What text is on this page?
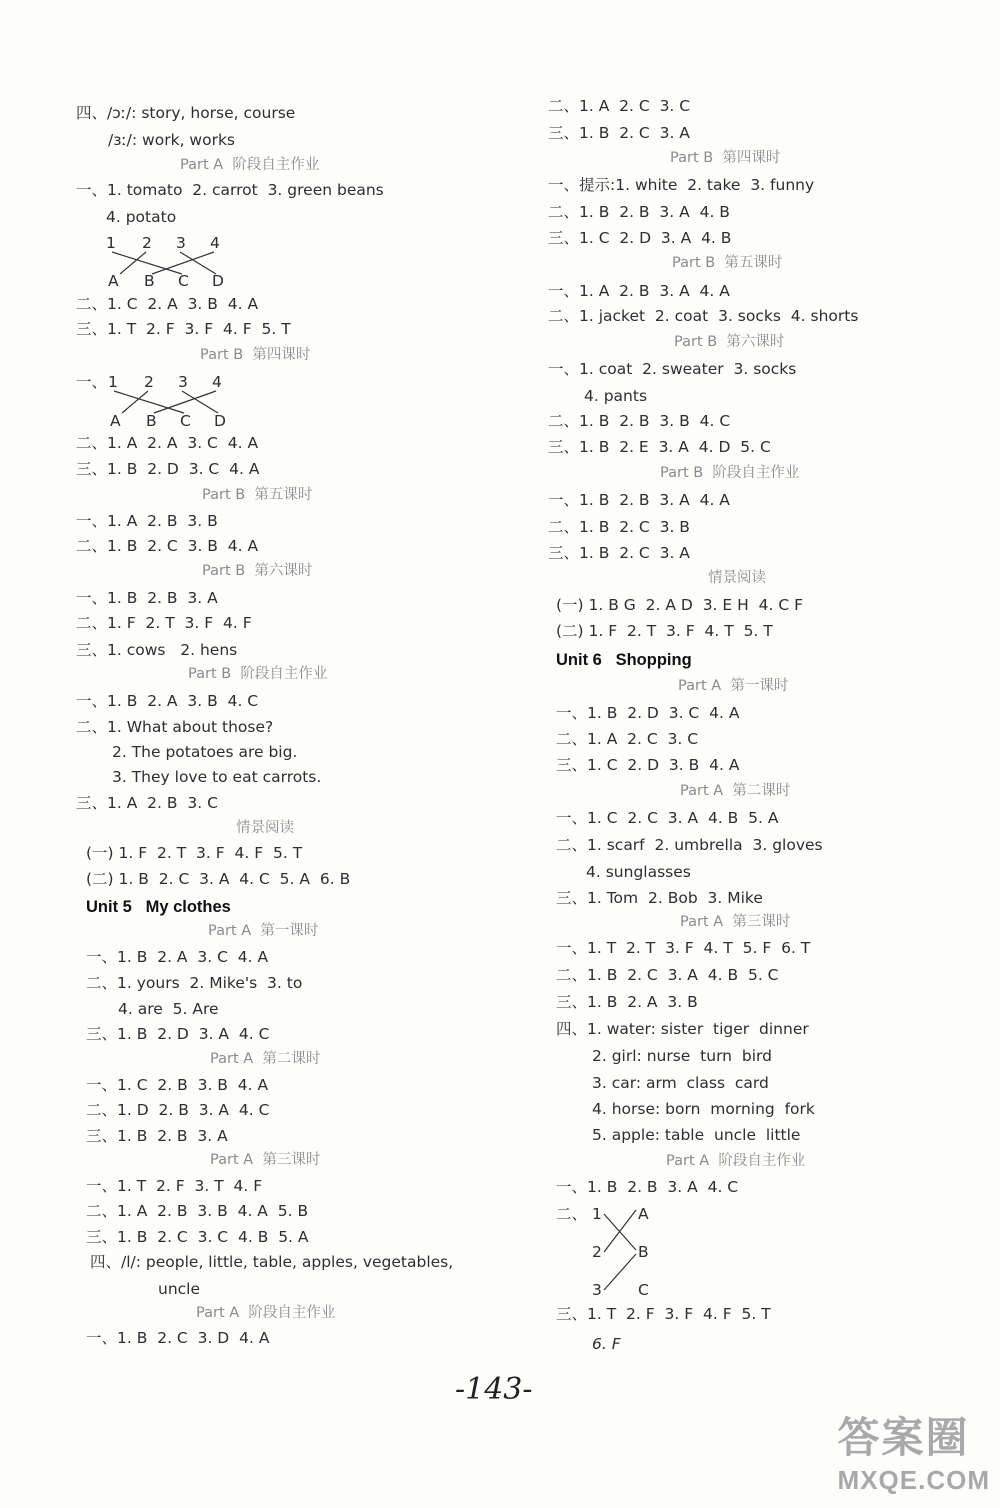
四、/ɔː/: story, horse, course
/ɜː/: work, works
Part A  阶段自主作业
一、1. tomato  2. carrot  3. green beans
4. potato
1 2 3 4
A B C D
二、1. C  2. A  3. B  4. A
三、1. T  2. F  3. F  4. F  5. T
Part B  第四课时
一、 1 2 3 4
A B C D
二、1. A  2. A  3. C  4. A
三、1. B  2. D  3. C  4. A
Part B  第五课时
一、1. A  2. B  3. B
二、1. B  2. C  3. B  4. A
Part B  第六课时
一、1. B  2. B  3. A
二、1. F  2. T  3. F  4. F
三、1. cows   2. hens
Part B  阶段自主作业
一、1. B  2. A  3. B  4. C
二、1. What about those?
2. The potatoes are big.
3. They love to eat carrots.
三、1. A  2. B  3. C
情景阅读
(一) 1. F  2. T  3. F  4. F  5. T
(二) 1. B  2. C  3. A  4. C  5. A  6. B
Unit 5   My clothes
Part A  第一课时
一、1. B  2. A  3. C  4. A
二、1. yours  2. Mike's  3. to
4. are  5. Are
三、1. B  2. D  3. A  4. C
Part A  第二课时
一、1. C  2. B  3. B  4. A
二、1. D  2. B  3. A  4. C
三、1. B  2. B  3. A
Part A  第三课时
一、1. T  2. F  3. T  4. F
二、1. A  2. B  3. B  4. A  5. B
三、1. B  2. C  3. C  4. B  5. A
四、/l/: people, little, table, apples, vegetables,
uncle
Part A  阶段自主作业
一、1. B  2. C  3. D  4. A
二、1. A  2. C  3. C
三、1. B  2. C  3. A
Part B  第四课时
一、提示:1. white  2. take  3. funny
二、1. B  2. B  3. A  4. B
三、1. C  2. D  3. A  4. B
Part B  第五课时
一、1. A  2. B  3. A  4. A
二、1. jacket  2. coat  3. socks  4. shorts
Part B  第六课时
一、1. coat  2. sweater  3. socks
4. pants
二、1. B  2. B  3. B  4. C
三、1. B  2. E  3. A  4. D  5. C
Part B  阶段自主作业
一、1. B  2. B  3. A  4. A
二、1. B  2. C  3. B
三、1. B  2. C  3. A
情景阅读
(一) 1. B G  2. A D  3. E H  4. C F
(二) 1. F  2. T  3. F  4. T  5. T
Unit 6   Shopping
Part A  第一课时
一、1. B  2. D  3. C  4. A
二、1. A  2. C  3. C
三、1. C  2. D  3. B  4. A
Part A  第二课时
一、1. C  2. C  3. A  4. B  5. A
二、1. scarf  2. umbrella  3. gloves
4. sunglasses
三、1. Tom  2. Bob  3. Mike
Part A  第三课时
一、1. T  2. T  3. F  4. T  5. F  6. T
二、1. B  2. C  3. A  4. B  5. C
三、1. B  2. A  3. B
四、1. water: sister  tiger  dinner
2. girl: nurse  turn  bird
3. car: arm  class  card
4. horse: born  morning  fork
5. apple: table  uncle  little
Part A  阶段自主作业
一、1. B  2. B  3. A  4. C
二、 1
2
3
A
B
C
三、1. T  2. F  3. F  4. F  5. T
6. F
-143-
答案圈
MXQE.COM
